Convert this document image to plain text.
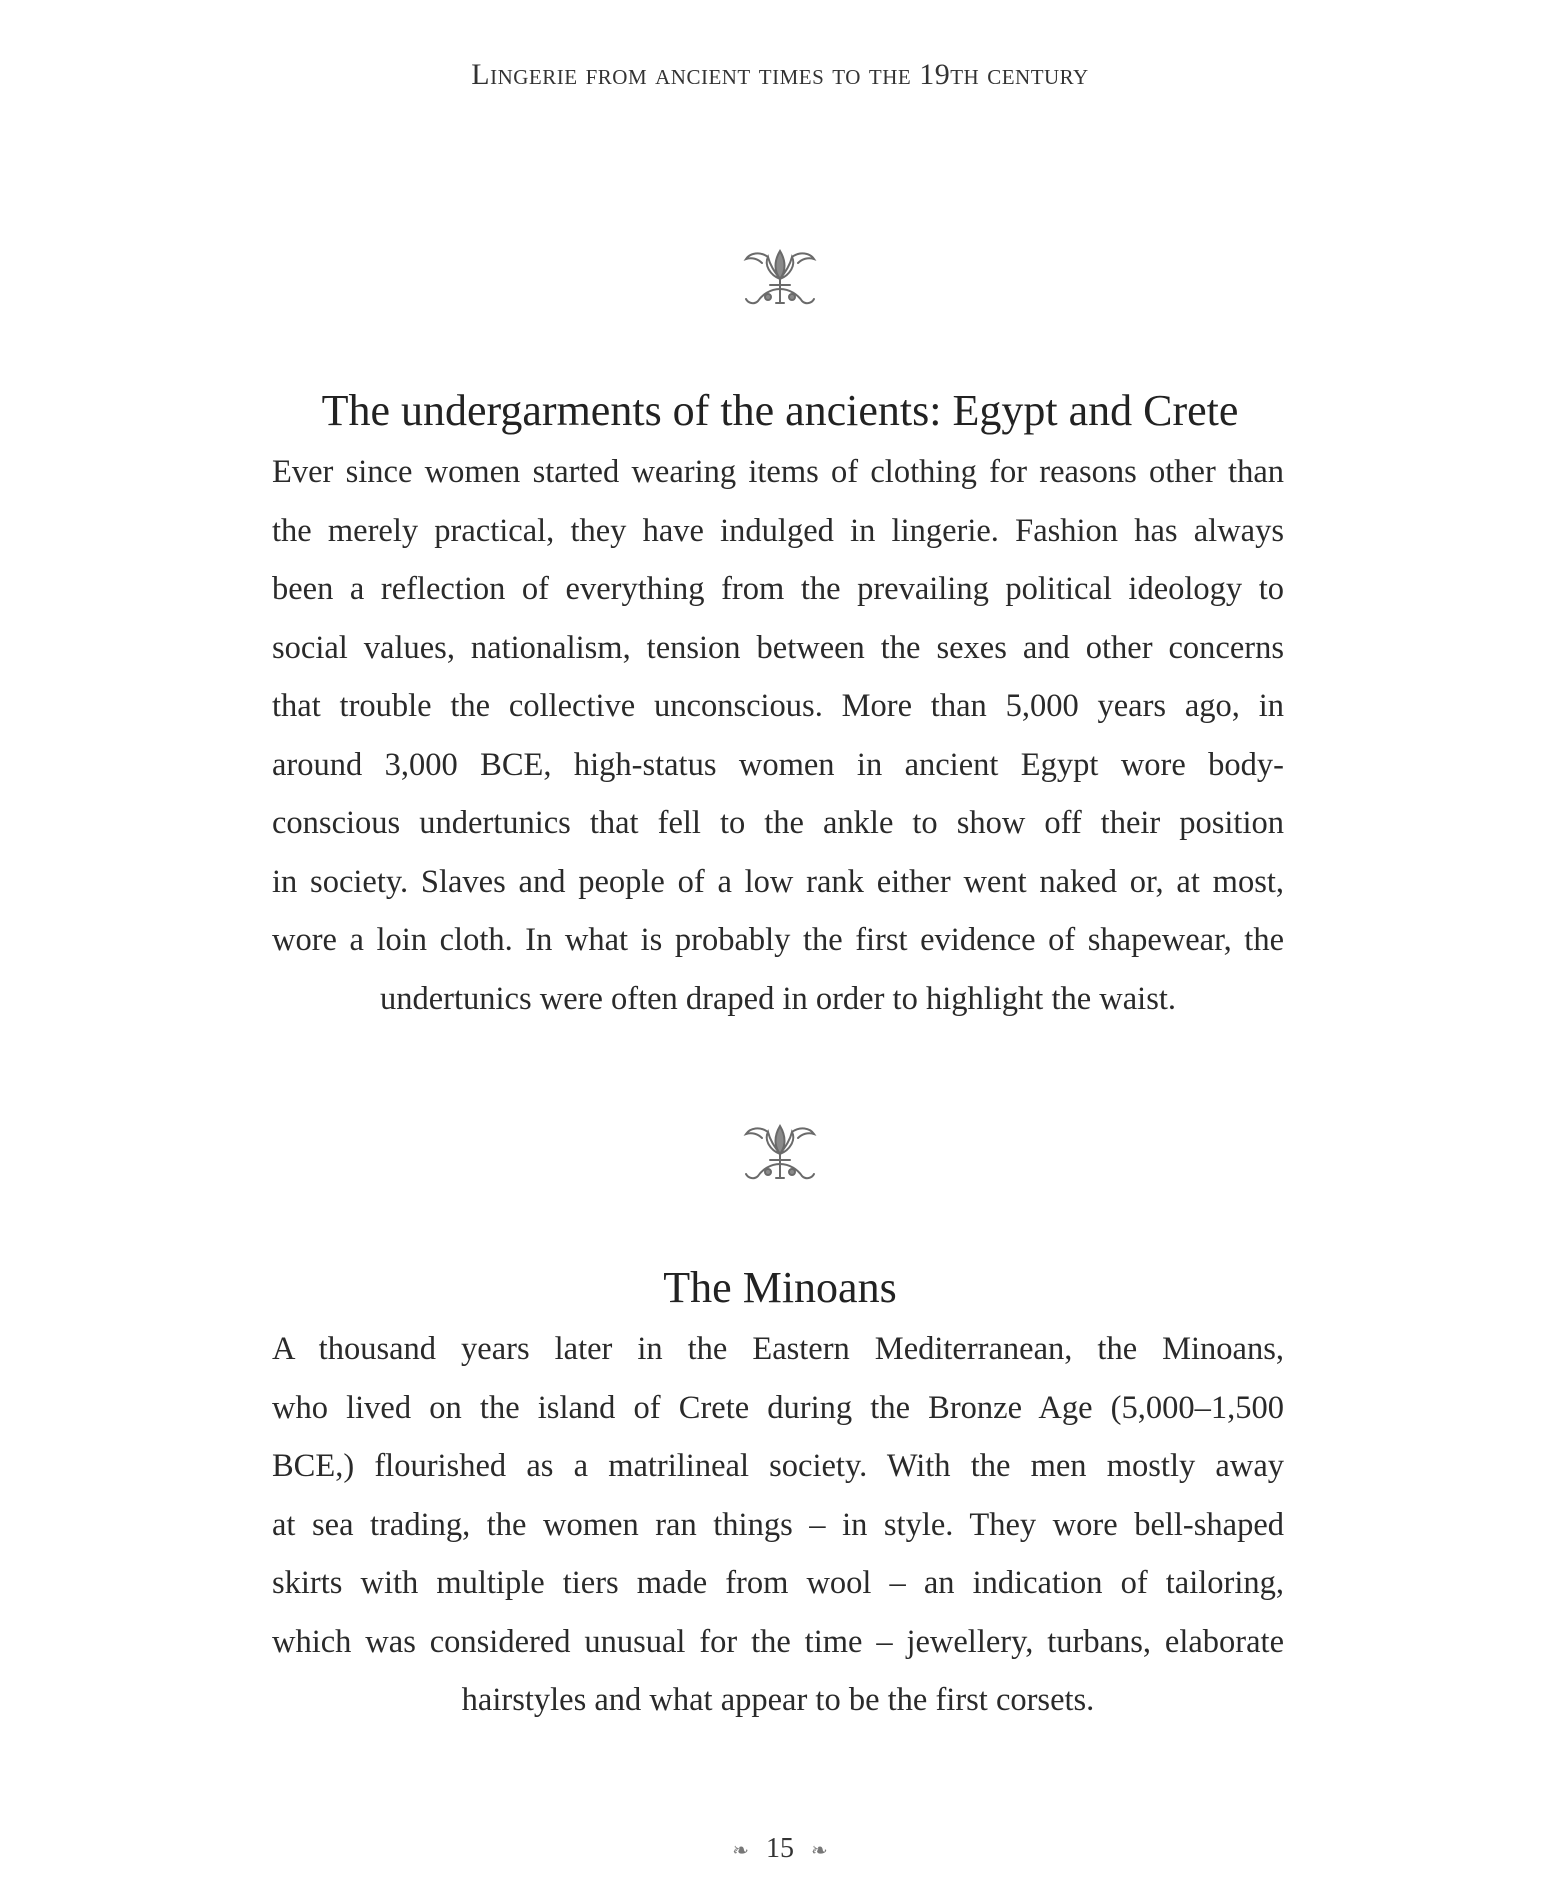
Lingerie from ancient times to the 19th century
The undergarments of the ancients: Egypt and Crete
Ever since women started wearing items of clothing for reasons other than
the merely practical, they have indulged in lingerie. Fashion has always
been a reflection of everything from the prevailing political ideology to
social values, nationalism, tension between the sexes and other concerns
that trouble the collective unconscious. More than 5,000 years ago, in
around 3,000 BCE, high-status women in ancient Egypt wore body-
conscious undertunics that fell to the ankle to show off their position
in society. Slaves and people of a low rank either went naked or, at most,
wore a loin cloth. In what is probably the first evidence of shapewear, the
undertunics were often draped in order to highlight the waist.
The Minoans
A thousand years later in the Eastern Mediterranean, the Minoans,
who lived on the island of Crete during the Bronze Age (5,000–1,500
BCE,) flourished as a matrilineal society. With the men mostly away
at sea trading, the women ran things – in style. They wore bell-shaped
skirts with multiple tiers made from wool – an indication of tailoring,
which was considered unusual for the time – jewellery, turbans, elaborate
hairstyles and what appear to be the first corsets.
❧ 15 ❧
